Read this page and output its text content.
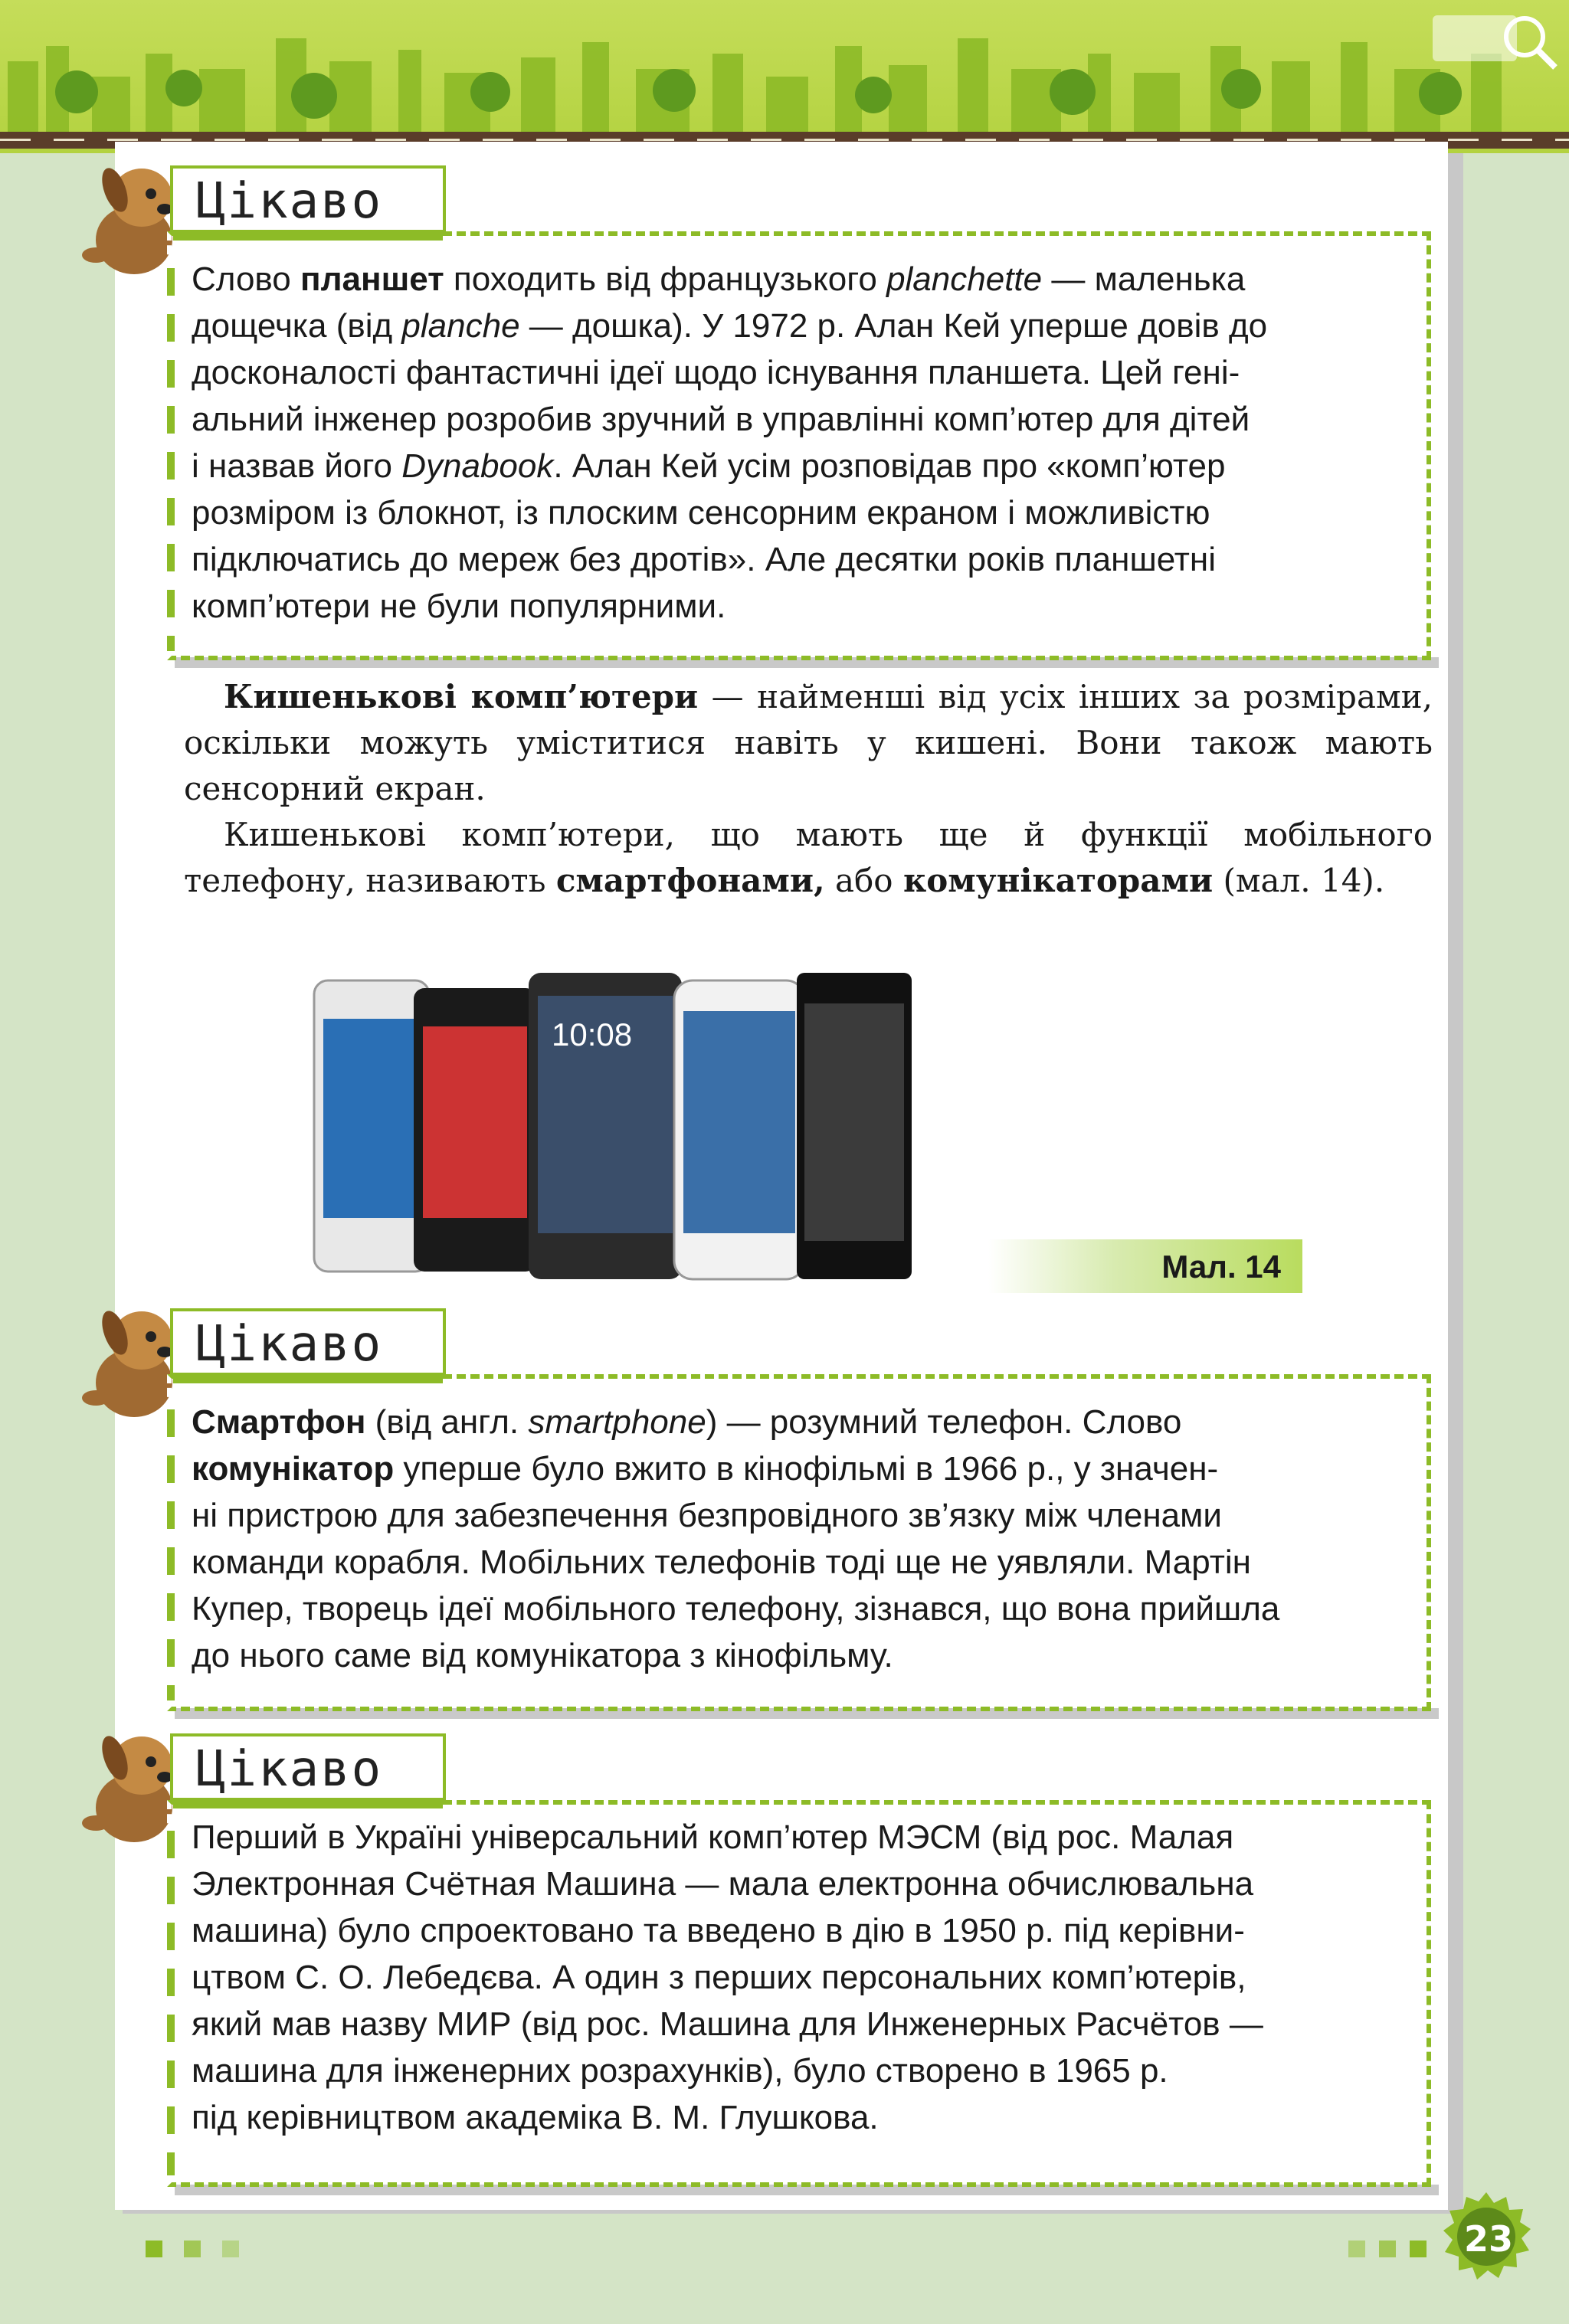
Цікаво
Слово планшет походить від французького planchette — маленька
дощечка (від planche — дошка). У 1972 р. Алан Кей уперше довів до
досконалості фантастичні ідеї щодо існування планшета. Цей гені-
альний інженер розробив зручний в управлінні комп’ютер для дітей
і назвав його Dynabook. Алан Кей усім розповідав про «комп’ютер
розміром із блокнот, із плоским сенсорним екраном і можливістю
підключатись до мереж без дротів». Але десятки років планшетні
комп’ютери не були популярними.

Кишенькові комп’ютери — найменші від усіх інших за розмірами, оскільки можуть уміститися навіть у кишені. Вони також мають сенсорний екран.

Кишенькові комп’ютери, що мають ще й функції мобільного телефону, називають смартфонами, або комунікаторами (мал. 14).

10:08
Мал. 14
Цікаво
Смартфон (від англ. smartphone) — розумний телефон. Слово
комунікатор уперше було вжито в кінофільмі в 1966 р., у значен-
ні пристрою для забезпечення безпровідного зв’язку між членами
команди корабля. Мобільних телефонів тоді ще не уявляли. Мартін
Купер, творець ідеї мобільного телефону, зізнався, що вона прийшла
до нього саме від комунікатора з кінофільму.
Цікаво
Перший в Україні універсальний комп’ютер МЭСМ (від рос. Малая
Электронная Счётная Машина — мала електронна обчислювальна
машина) було спроектовано та введено в дію в 1950 р. під керівни-
цтвом С. О. Лебедєва. А один з перших персональних комп’ютерів,
який мав назву МИР (від рос. Машина для Инженерных Расчётов —
машина для інженерних розрахунків), було створено в 1965 р.
під керівництвом академіка В. М. Глушкова.
23
